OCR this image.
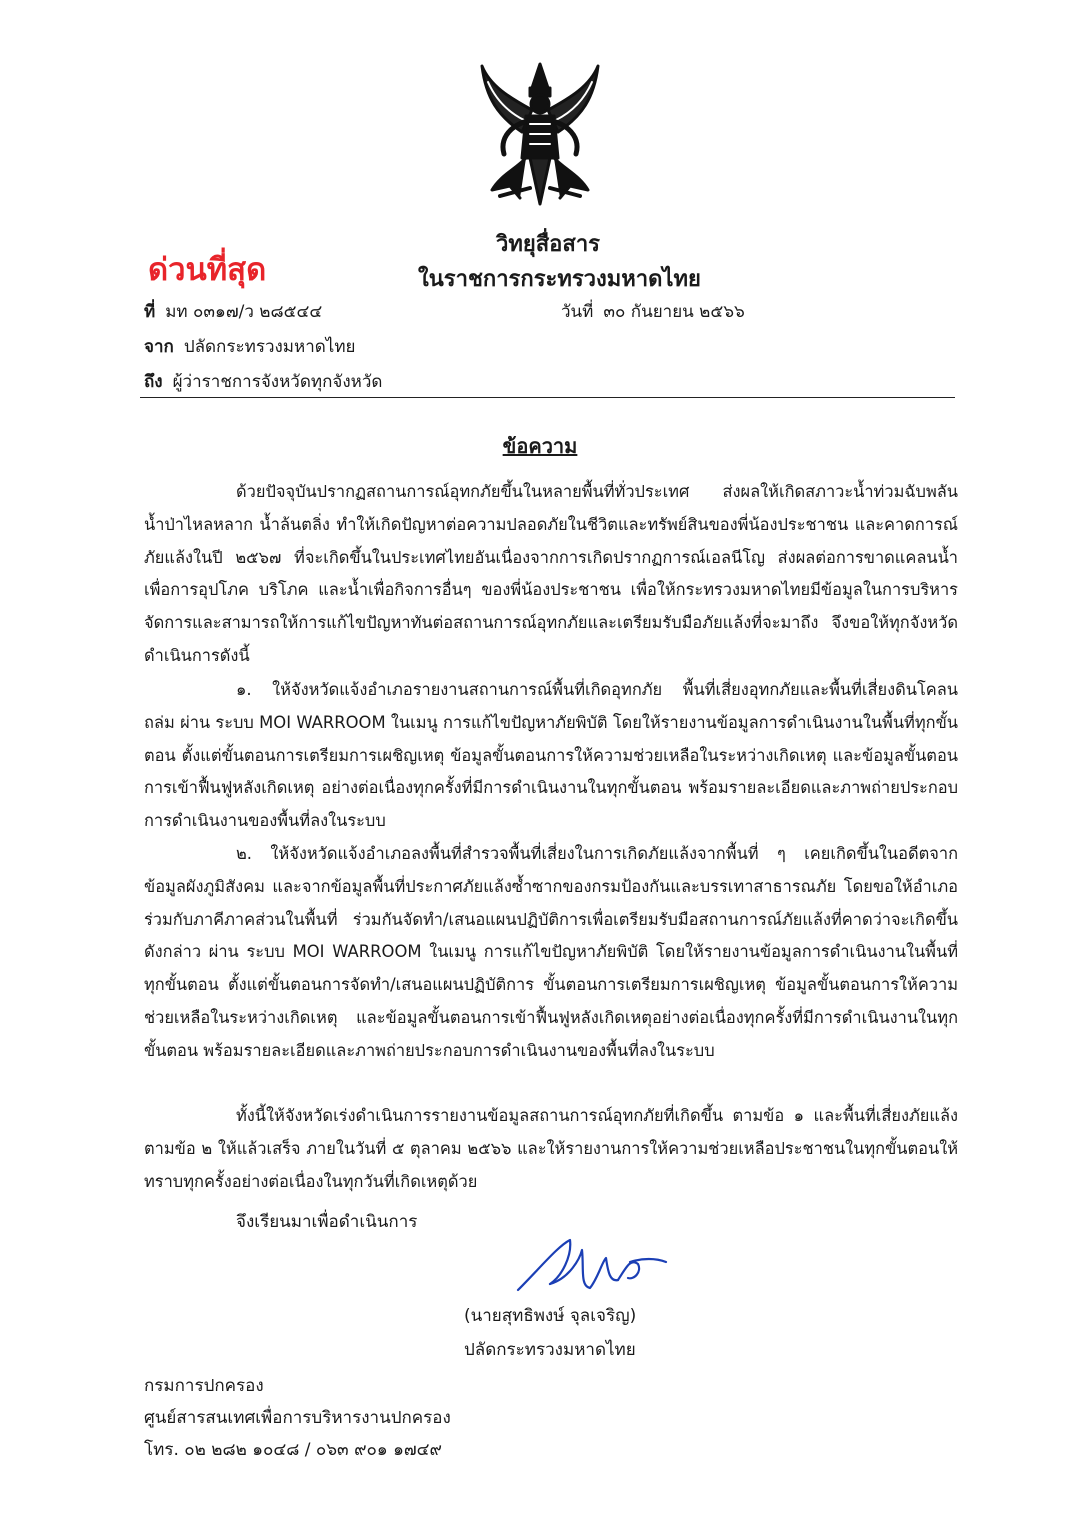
วิทยุสื่อสาร
ในราชการกระทรวงมหาดไทย
ด่วนที่สุด
ที่ มท ๐๓๑๗/ว ๒๘๕๔๔	วันที่ ๓๐ กันยายน ๒๕๖๖
จาก ปลัดกระทรวงมหาดไทย
ถึง ผู้ว่าราชการจังหวัดทุกจังหวัด
ข้อความ

ด้วยปัจจุบันปรากฏสถานการณ์อุทกภัยขึ้นในหลายพื้นที่ทั่วประเทศ ส่งผลให้เกิดสภาวะน้ำท่วมฉับพลัน น้ำป่าไหลหลาก น้ำล้นตลิ่ง ทำให้เกิดปัญหาต่อความปลอดภัยในชีวิตและทรัพย์สินของพี่น้องประชาชน และคาดการณ์ภัยแล้งในปี ๒๕๖๗ ที่จะเกิดขึ้นในประเทศไทยอันเนื่องจากการเกิดปรากฏการณ์เอลนีโญ ส่งผลต่อการขาดแคลนน้ำเพื่อการอุปโภค บริโภค และน้ำเพื่อกิจการอื่นๆ ของพี่น้องประชาชน เพื่อให้กระทรวงมหาดไทยมีข้อมูลในการบริหารจัดการและสามารถให้การแก้ไขปัญหาทันต่อสถานการณ์อุทกภัยและเตรียมรับมือภัยแล้งที่จะมาถึง จึงขอให้ทุกจังหวัดดำเนินการดังนี้

๑. ให้จังหวัดแจ้งอำเภอรายงานสถานการณ์พื้นที่เกิดอุทกภัย พื้นที่เสี่ยงอุทกภัยและพื้นที่เสี่ยงดินโคลนถล่ม ผ่าน ระบบ MOI WARROOM ในเมนู การแก้ไขปัญหาภัยพิบัติ โดยให้รายงานข้อมูลการดำเนินงานในพื้นที่ทุกขั้นตอน ตั้งแต่ขั้นตอนการเตรียมการเผชิญเหตุ ข้อมูลขั้นตอนการให้ความช่วยเหลือในระหว่างเกิดเหตุ และข้อมูลขั้นตอนการเข้าฟื้นฟูหลังเกิดเหตุ อย่างต่อเนื่องทุกครั้งที่มีการดำเนินงานในทุกขั้นตอน พร้อมรายละเอียดและภาพถ่ายประกอบการดำเนินงานของพื้นที่ลงในระบบ

๒. ให้จังหวัดแจ้งอำเภอลงพื้นที่สำรวจพื้นที่เสี่ยงในการเกิดภัยแล้งจากพื้นที่ ๆ เคยเกิดขึ้นในอดีตจากข้อมูลผังภูมิสังคม และจากข้อมูลพื้นที่ประกาศภัยแล้งซ้ำซากของกรมป้องกันและบรรเทาสาธารณภัย โดยขอให้อำเภอร่วมกับภาคีภาคส่วนในพื้นที่ ร่วมกันจัดทำ/เสนอแผนปฏิบัติการเพื่อเตรียมรับมือสถานการณ์ภัยแล้งที่คาดว่าจะเกิดขึ้นดังกล่าว ผ่าน ระบบ MOI WARROOM ในเมนู การแก้ไขปัญหาภัยพิบัติ โดยให้รายงานข้อมูลการดำเนินงานในพื้นที่ทุกขั้นตอน ตั้งแต่ขั้นตอนการจัดทำ/เสนอแผนปฏิบัติการ ขั้นตอนการเตรียมการเผชิญเหตุ ข้อมูลขั้นตอนการให้ความช่วยเหลือในระหว่างเกิดเหตุ และข้อมูลขั้นตอนการเข้าฟื้นฟูหลังเกิดเหตุอย่างต่อเนื่องทุกครั้งที่มีการดำเนินงานในทุกขั้นตอน พร้อมรายละเอียดและภาพถ่ายประกอบการดำเนินงานของพื้นที่ลงในระบบ

ทั้งนี้ให้จังหวัดเร่งดำเนินการรายงานข้อมูลสถานการณ์อุทกภัยที่เกิดขึ้น ตามข้อ ๑ และพื้นที่เสี่ยงภัยแล้งตามข้อ ๒ ให้แล้วเสร็จ ภายในวันที่ ๕ ตุลาคม ๒๕๖๖ และให้รายงานการให้ความช่วยเหลือประชาชนในทุกขั้นตอนให้ทราบทุกครั้งอย่างต่อเนื่องในทุกวันที่เกิดเหตุด้วย

จึงเรียนมาเพื่อดำเนินการ
(นายสุทธิพงษ์ จุลเจริญ)
ปลัดกระทรวงมหาดไทย
กรมการปกครอง
ศูนย์สารสนเทศเพื่อการบริหารงานปกครอง
โทร. ๐๒ ๒๘๒ ๑๐๔๘ / ๐๖๓ ๙๐๑ ๑๗๔๙
